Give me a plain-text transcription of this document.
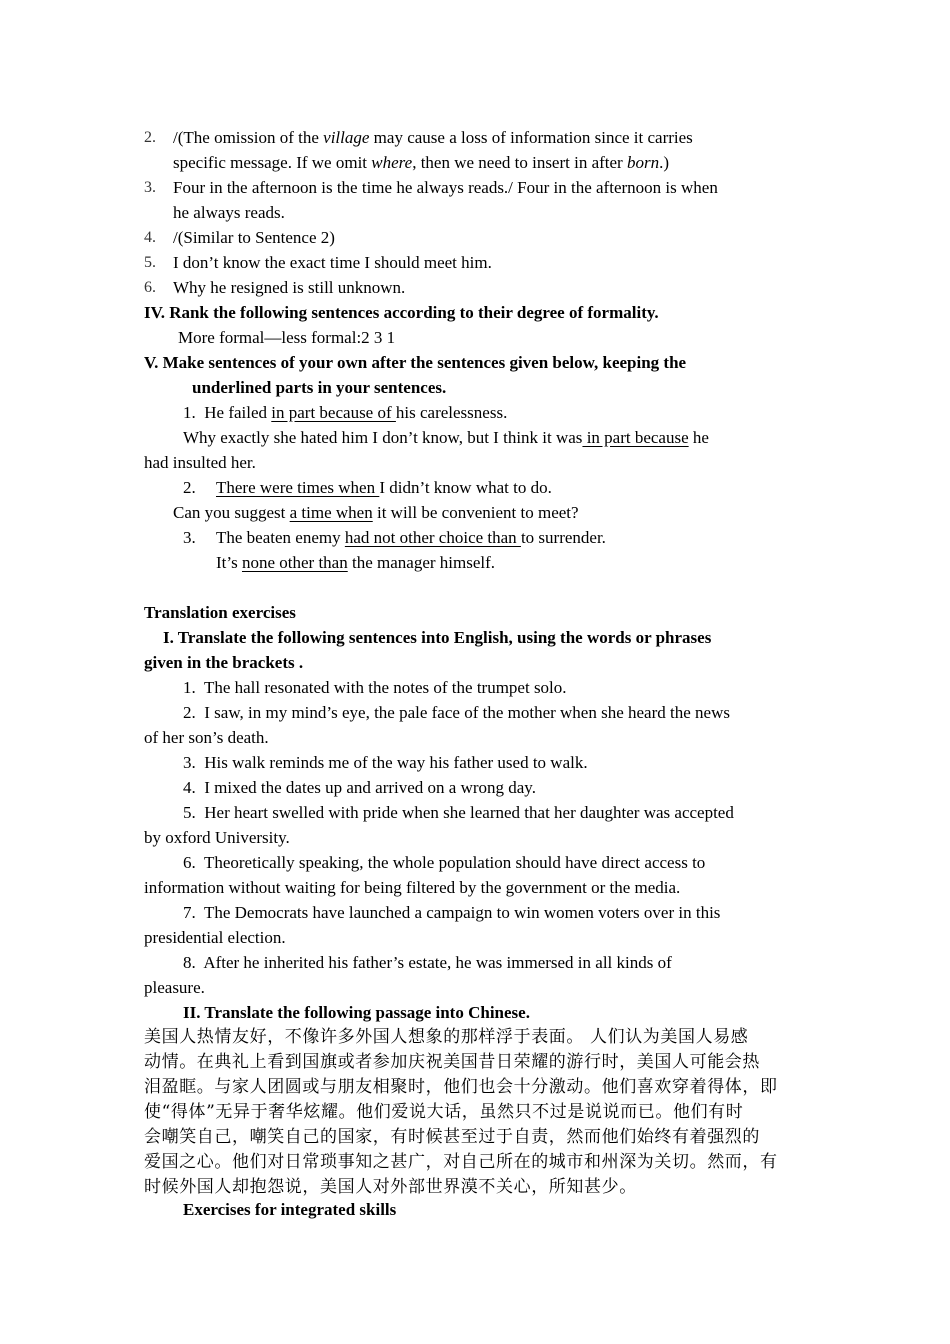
2. /(The omission of the village may cause a loss of information since it carries
specific message. If we omit where, then we need to insert in after born.)
3. Four in the afternoon is the time he always reads./ Four in the afternoon is when
he always reads.
4. /(Similar to Sentence 2)
5. I don’t know the exact time I should meet him.
6. Why he resigned is still unknown.
IV. Rank the following sentences according to their degree of formality.
More formal—less formal:2 3 1
V. Make sentences of your own after the sentences given below, keeping the
underlined parts in your sentences.
1. He failed in part because of his carelessness.
Why exactly she hated him I don’t know, but I think it was in part because he
had insulted her.
2. There were times when I didn’t know what to do.
Can you suggest a time when it will be convenient to meet?
3. The beaten enemy had not other choice than to surrender.
It’s none other than the manager himself.
Translation exercises
I. Translate the following sentences into English, using the words or phrases
given in the brackets .
1. The hall resonated with the notes of the trumpet solo.
2. I saw, in my mind’s eye, the pale face of the mother when she heard the news
of her son’s death.
3. His walk reminds me of the way his father used to walk.
4. I mixed the dates up and arrived on a wrong day.
5. Her heart swelled with pride when she learned that her daughter was accepted
by oxford University.
6. Theoretically speaking, the whole population should have direct access to
information without waiting for being filtered by the government or the media.
7. The Democrats have launched a campaign to win women voters over in this
presidential election.
8. After he inherited his father’s estate, he was immersed in all kinds of
pleasure.
II. Translate the following passage into Chinese.
美国人热情友好，不像许多外国人想象的那样浮于表面。 人们认为美国人易感
动情。在典礼上看到国旗或者参加庆祝美国昔日荣耀的游行时，美国人可能会热
泪盈眶。与家人团圆或与朋友相聚时，他们也会十分激动。他们喜欢穿着得体，即
使“得体”无异于奢华炫耀。他们爱说大话，虽然只不过是说说而已。他们有时
会嘲笑自己，嘲笑自己的国家，有时候甚至过于自责，然而他们始终有着强烈的
爱国之心。他们对日常琐事知之甚广，对自己所在的城市和州深为关切。然而，有
时候外国人却抱怨说，美国人对外部世界漠不关心，所知甚少。
Exercises for integrated skills
